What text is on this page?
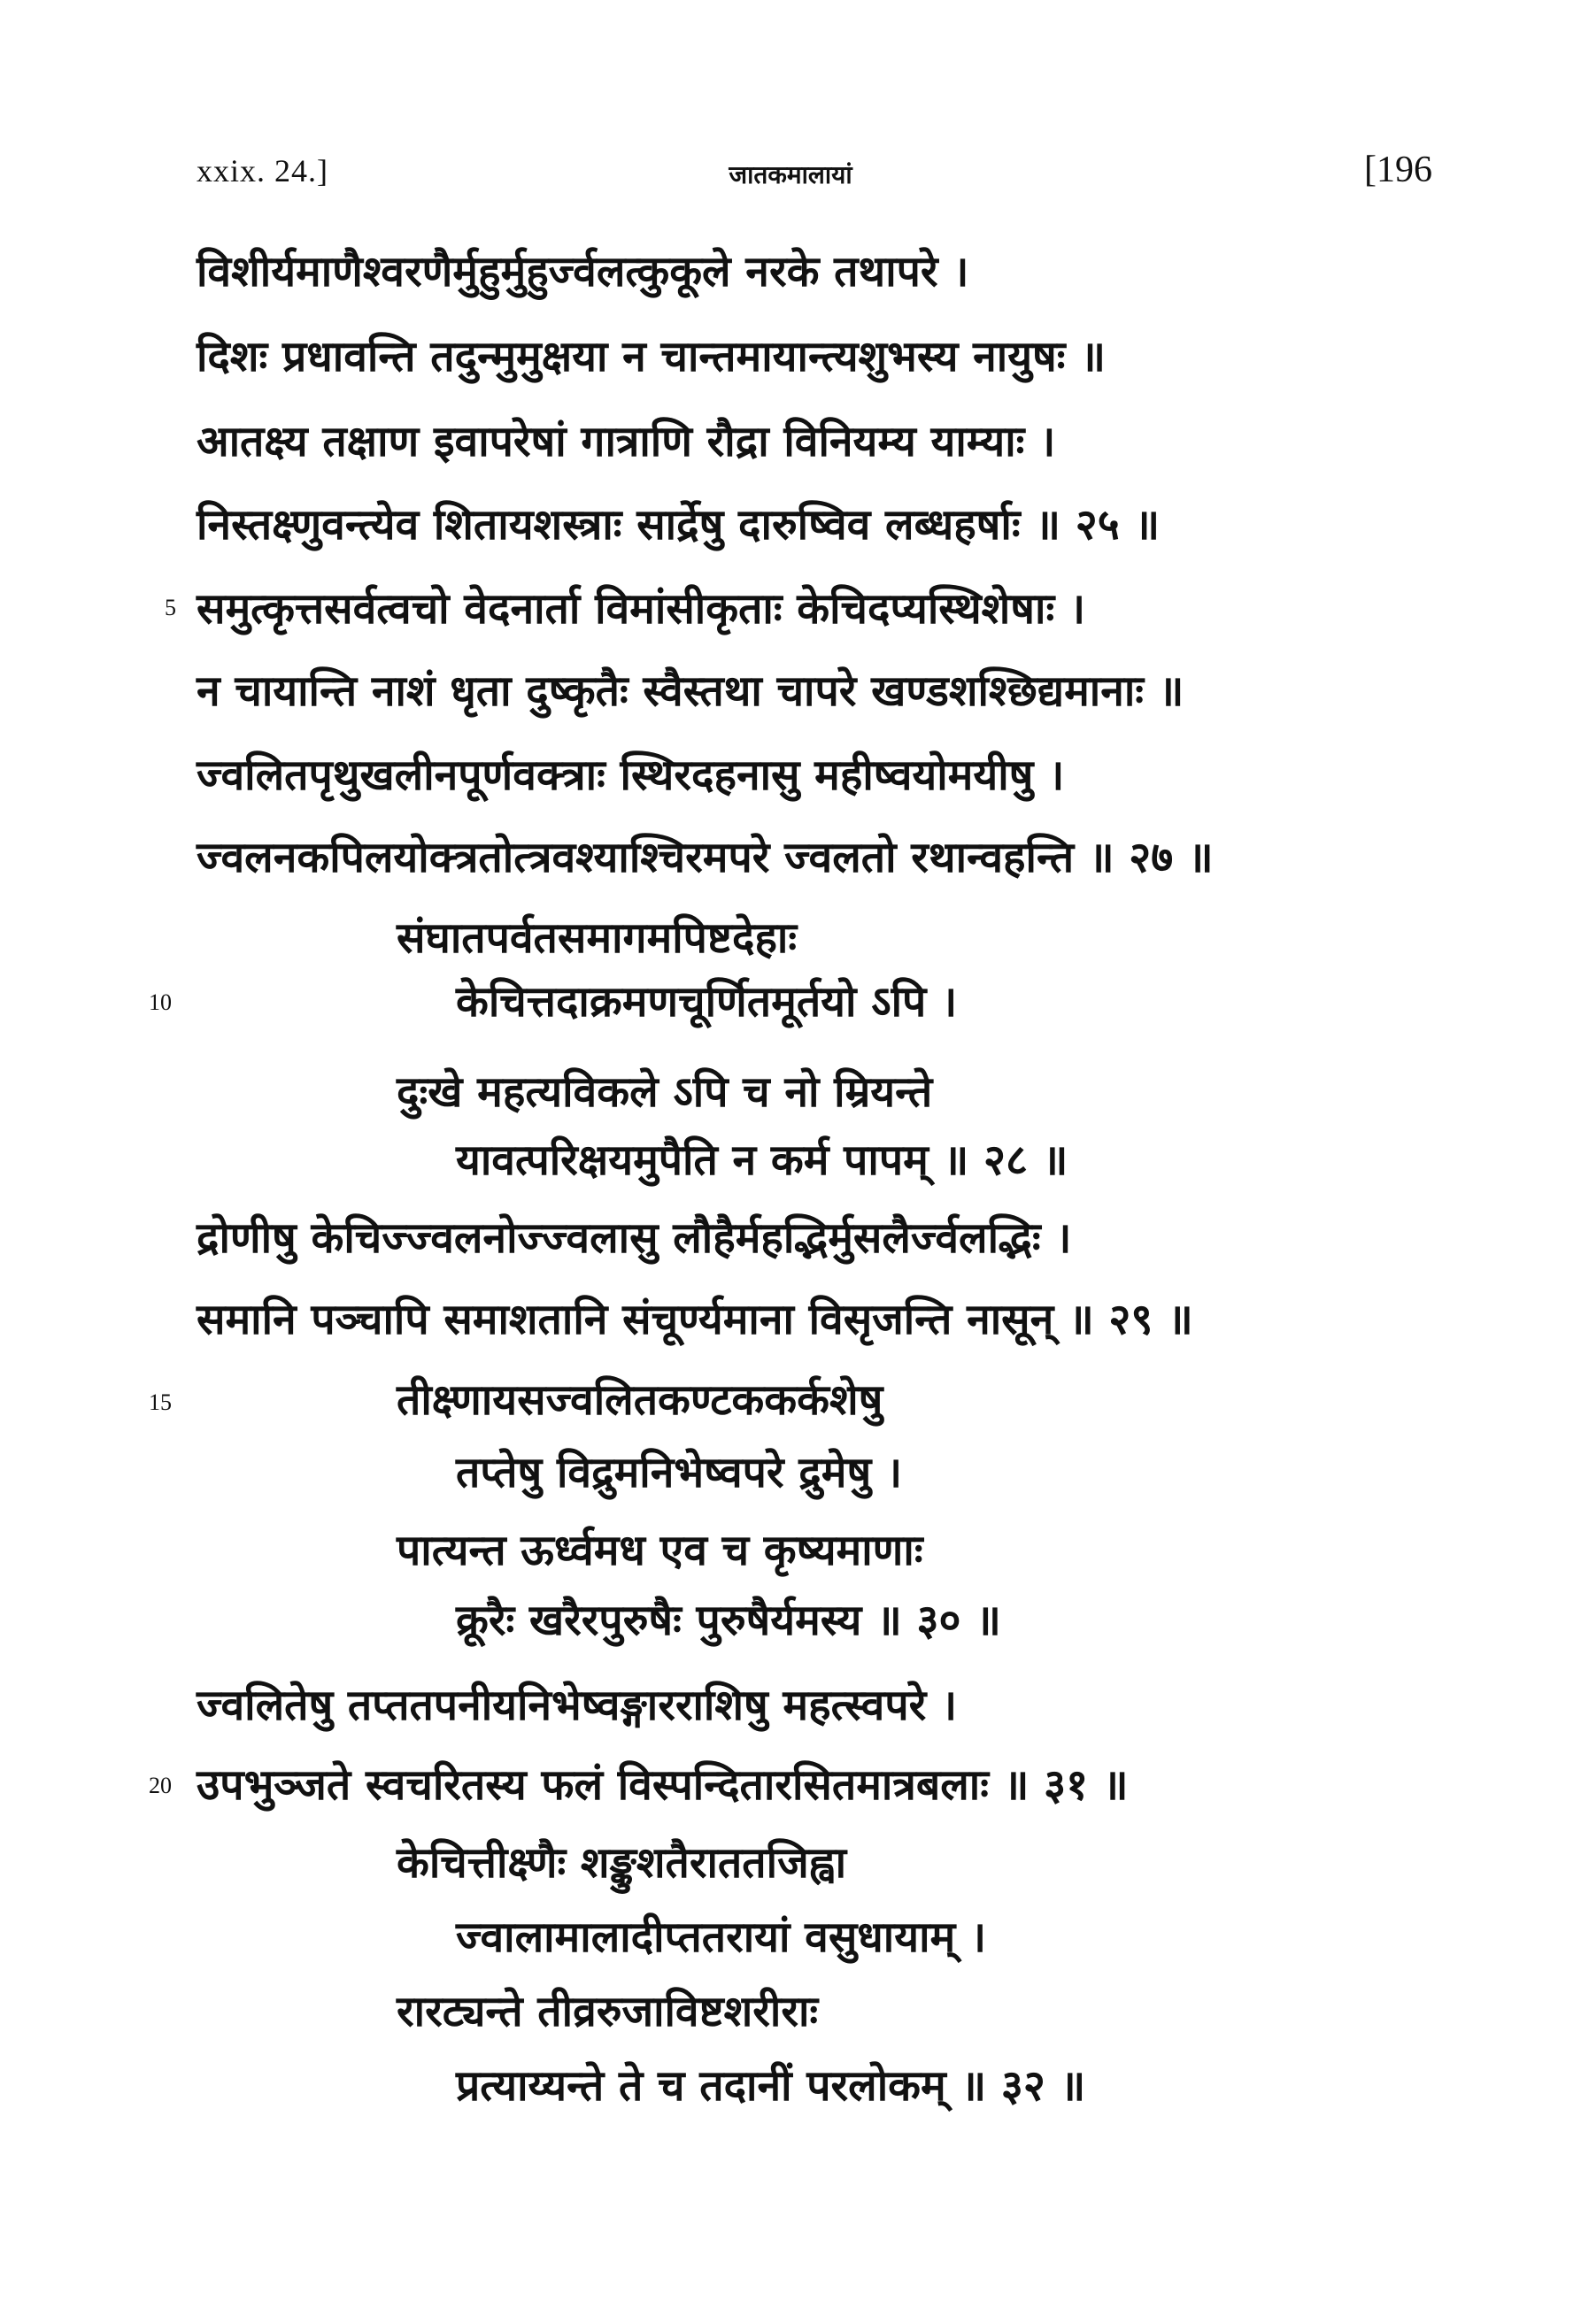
xxix. 24.]	जातकमालायां	[196
विशीर्यमाणैश्वरणैर्मुहुर्मुहुर्ज्वलत्कुकूले नरके तथापरे ।
दिशः प्रधावन्ति तदुन्मुमुक्षया न चान्तमायान्त्यशुभस्य नायुषः ॥
आतक्ष्य तक्षाण इवापरेषां गात्राणि रौद्रा विनियम्य याम्याः ।
निस्तक्ष्णुवन्त्येव शितायशस्त्राः सार्द्रेषु दारुष्विव लब्धहर्षाः ॥ २५ ॥
5 समुत्कृत्तसर्वत्वचो वेदनार्ता विमांसीकृताः केचिदप्यस्थिशेषाः ।
न चायान्ति नाशं धृता दुष्कृतैः स्वैस्तथा चापरे खण्डशश्छिद्यमानाः ॥
ज्वलितपृथुखलीनपूर्णवक्त्राः स्थिरदहनासु महीष्वयोमयीषु ।
ज्वलनकपिलयोक्त्रतोत्त्रवश्याश्चिरमपरे ज्वलतो रथान्वहन्ति ॥ २७ ॥
संघातपर्वतसमागमपिष्टदेहाः
10	केचित्तदाक्रमणचूर्णितमूर्तयो ऽपि ।
दुःखे महत्यविकले ऽपि च नो म्रियन्ते
यावत्परिक्षयमुपैति न कर्म पापम् ॥ २८ ॥
द्रोणीषु केचिज्ज्वलनोज्ज्वलासु लौहैर्महद्भिर्मुसलैर्ज्वलद्भिः ।
समानि पञ्चापि समाशतानि संचूर्ण्यमाना विसृजन्ति नासून् ॥ २९ ॥
15	तीक्ष्णायसज्वलितकण्टककर्कशेषु
तप्तेषु विद्रुमनिभेष्वपरे द्रुमेषु ।
पात्यन्त ऊर्ध्वमध एव च कृष्यमाणाः
क्रूरैः खरैरपुरुषैः पुरुषैर्यमस्य ॥ ३० ॥
ज्वलितेषु तप्ततपनीयनिभेष्वङ्गारराशिषु महत्स्वपरे ।
20 उपभुञ्जते स्वचरितस्य फलं विस्पन्दितारसितमात्रबलाः ॥ ३१ ॥
केचित्तीक्ष्णैः शङ्कुशतैराततजिह्वा
ज्वालामालादीप्ततरायां वसुधायाम् ।
रारट्यन्ते तीव्ररुजाविष्टशरीराः
प्रत्याय्यन्ते ते च तदानीं परलोकम् ॥ ३२ ॥
